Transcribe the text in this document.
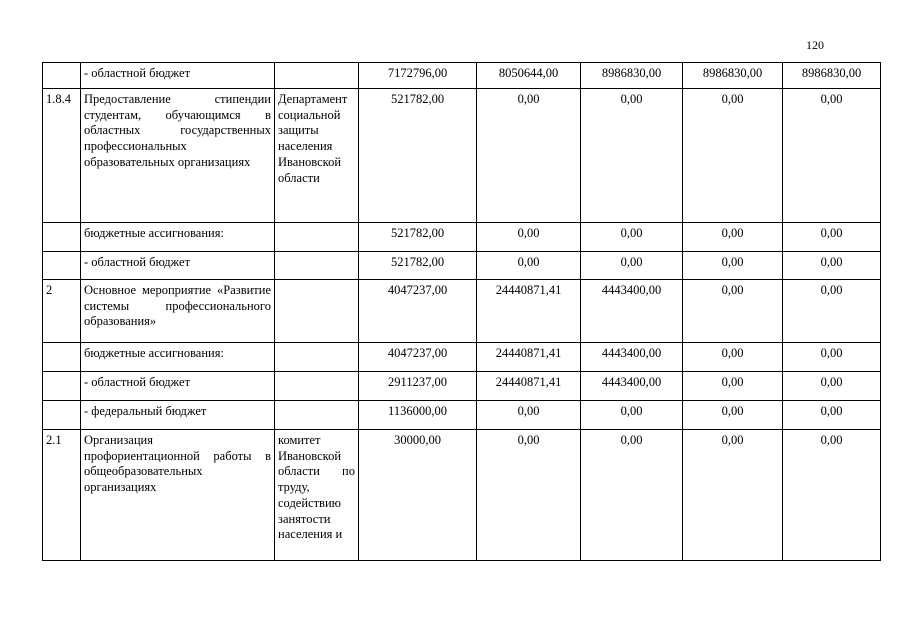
120
	- областной бюджет		7172796,00	8050644,00	8986830,00	8986830,00	8986830,00
1.8.4	Предоставление стипендии студентам, обучающимся в областных государственных профессиональных образовательных организациях	Департамент социальной защиты населения Ивановской области	521782,00	0,00	0,00	0,00	0,00
	бюджетные ассигнования:		521782,00	0,00	0,00	0,00	0,00
	- областной бюджет		521782,00	0,00	0,00	0,00	0,00
2	Основное мероприятие «Развитие системы профессионального образования»		4047237,00	24440871,41	4443400,00	0,00	0,00
	бюджетные ассигнования:		4047237,00	24440871,41	4443400,00	0,00	0,00
	- областной бюджет		2911237,00	24440871,41	4443400,00	0,00	0,00
	- федеральный бюджет		1136000,00	0,00	0,00	0,00	0,00
2.1	Организация профориентационной работы в общеобразовательных организациях	комитет Ивановской области по труду, содействию занятости населения и	30000,00	0,00	0,00	0,00	0,00
